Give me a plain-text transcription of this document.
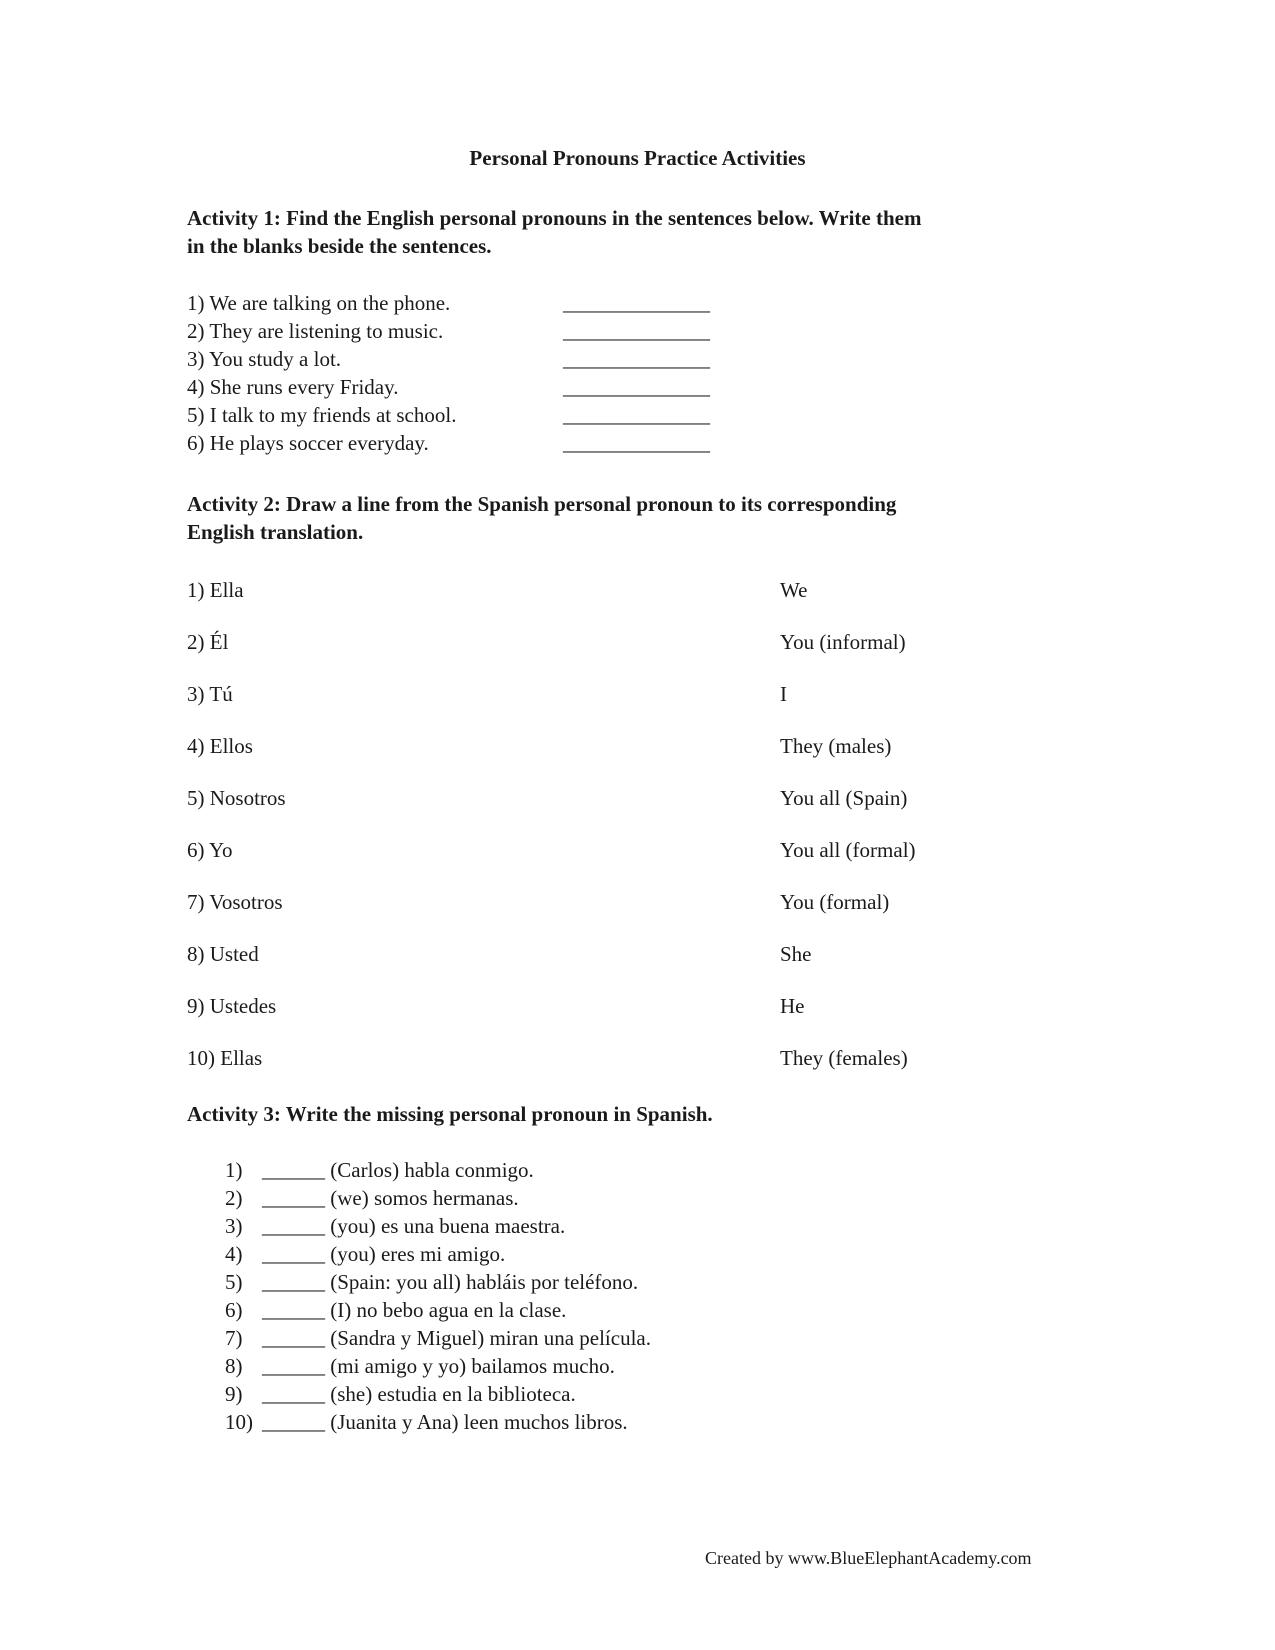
Personal Pronouns Practice Activities
Activity 1: Find the English personal pronouns in the sentences below. Write them
in the blanks beside the sentences.
1) We are talking on the phone.	______________
2) They are listening to music.	______________
3) You study a lot.	______________
4) She runs every Friday.	______________
5) I talk to my friends at school.	______________
6) He plays soccer everyday.	______________
Activity 2: Draw a line from the Spanish personal pronoun to its corresponding
English translation.
1) Ella	We
2) Él	You (informal)
3) Tú	I
4) Ellos	They (males)
5) Nosotros	You all (Spain)
6) Yo	You all (formal)
7) Vosotros	You (formal)
8) Usted	She
9) Ustedes	He
10) Ellas	They (females)
Activity 3: Write the missing personal pronoun in Spanish.
1) ______ (Carlos) habla conmigo.
2) ______ (we) somos hermanas.
3) ______ (you) es una buena maestra.
4) ______ (you) eres mi amigo.
5) ______ (Spain: you all) habláis por teléfono.
6) ______ (I) no bebo agua en la clase.
7) ______ (Sandra y Miguel) miran una película.
8) ______ (mi amigo y yo) bailamos mucho.
9) ______ (she) estudia en la biblioteca.
10) ______ (Juanita y Ana) leen muchos libros.
Created by www.BlueElephantAcademy.com
